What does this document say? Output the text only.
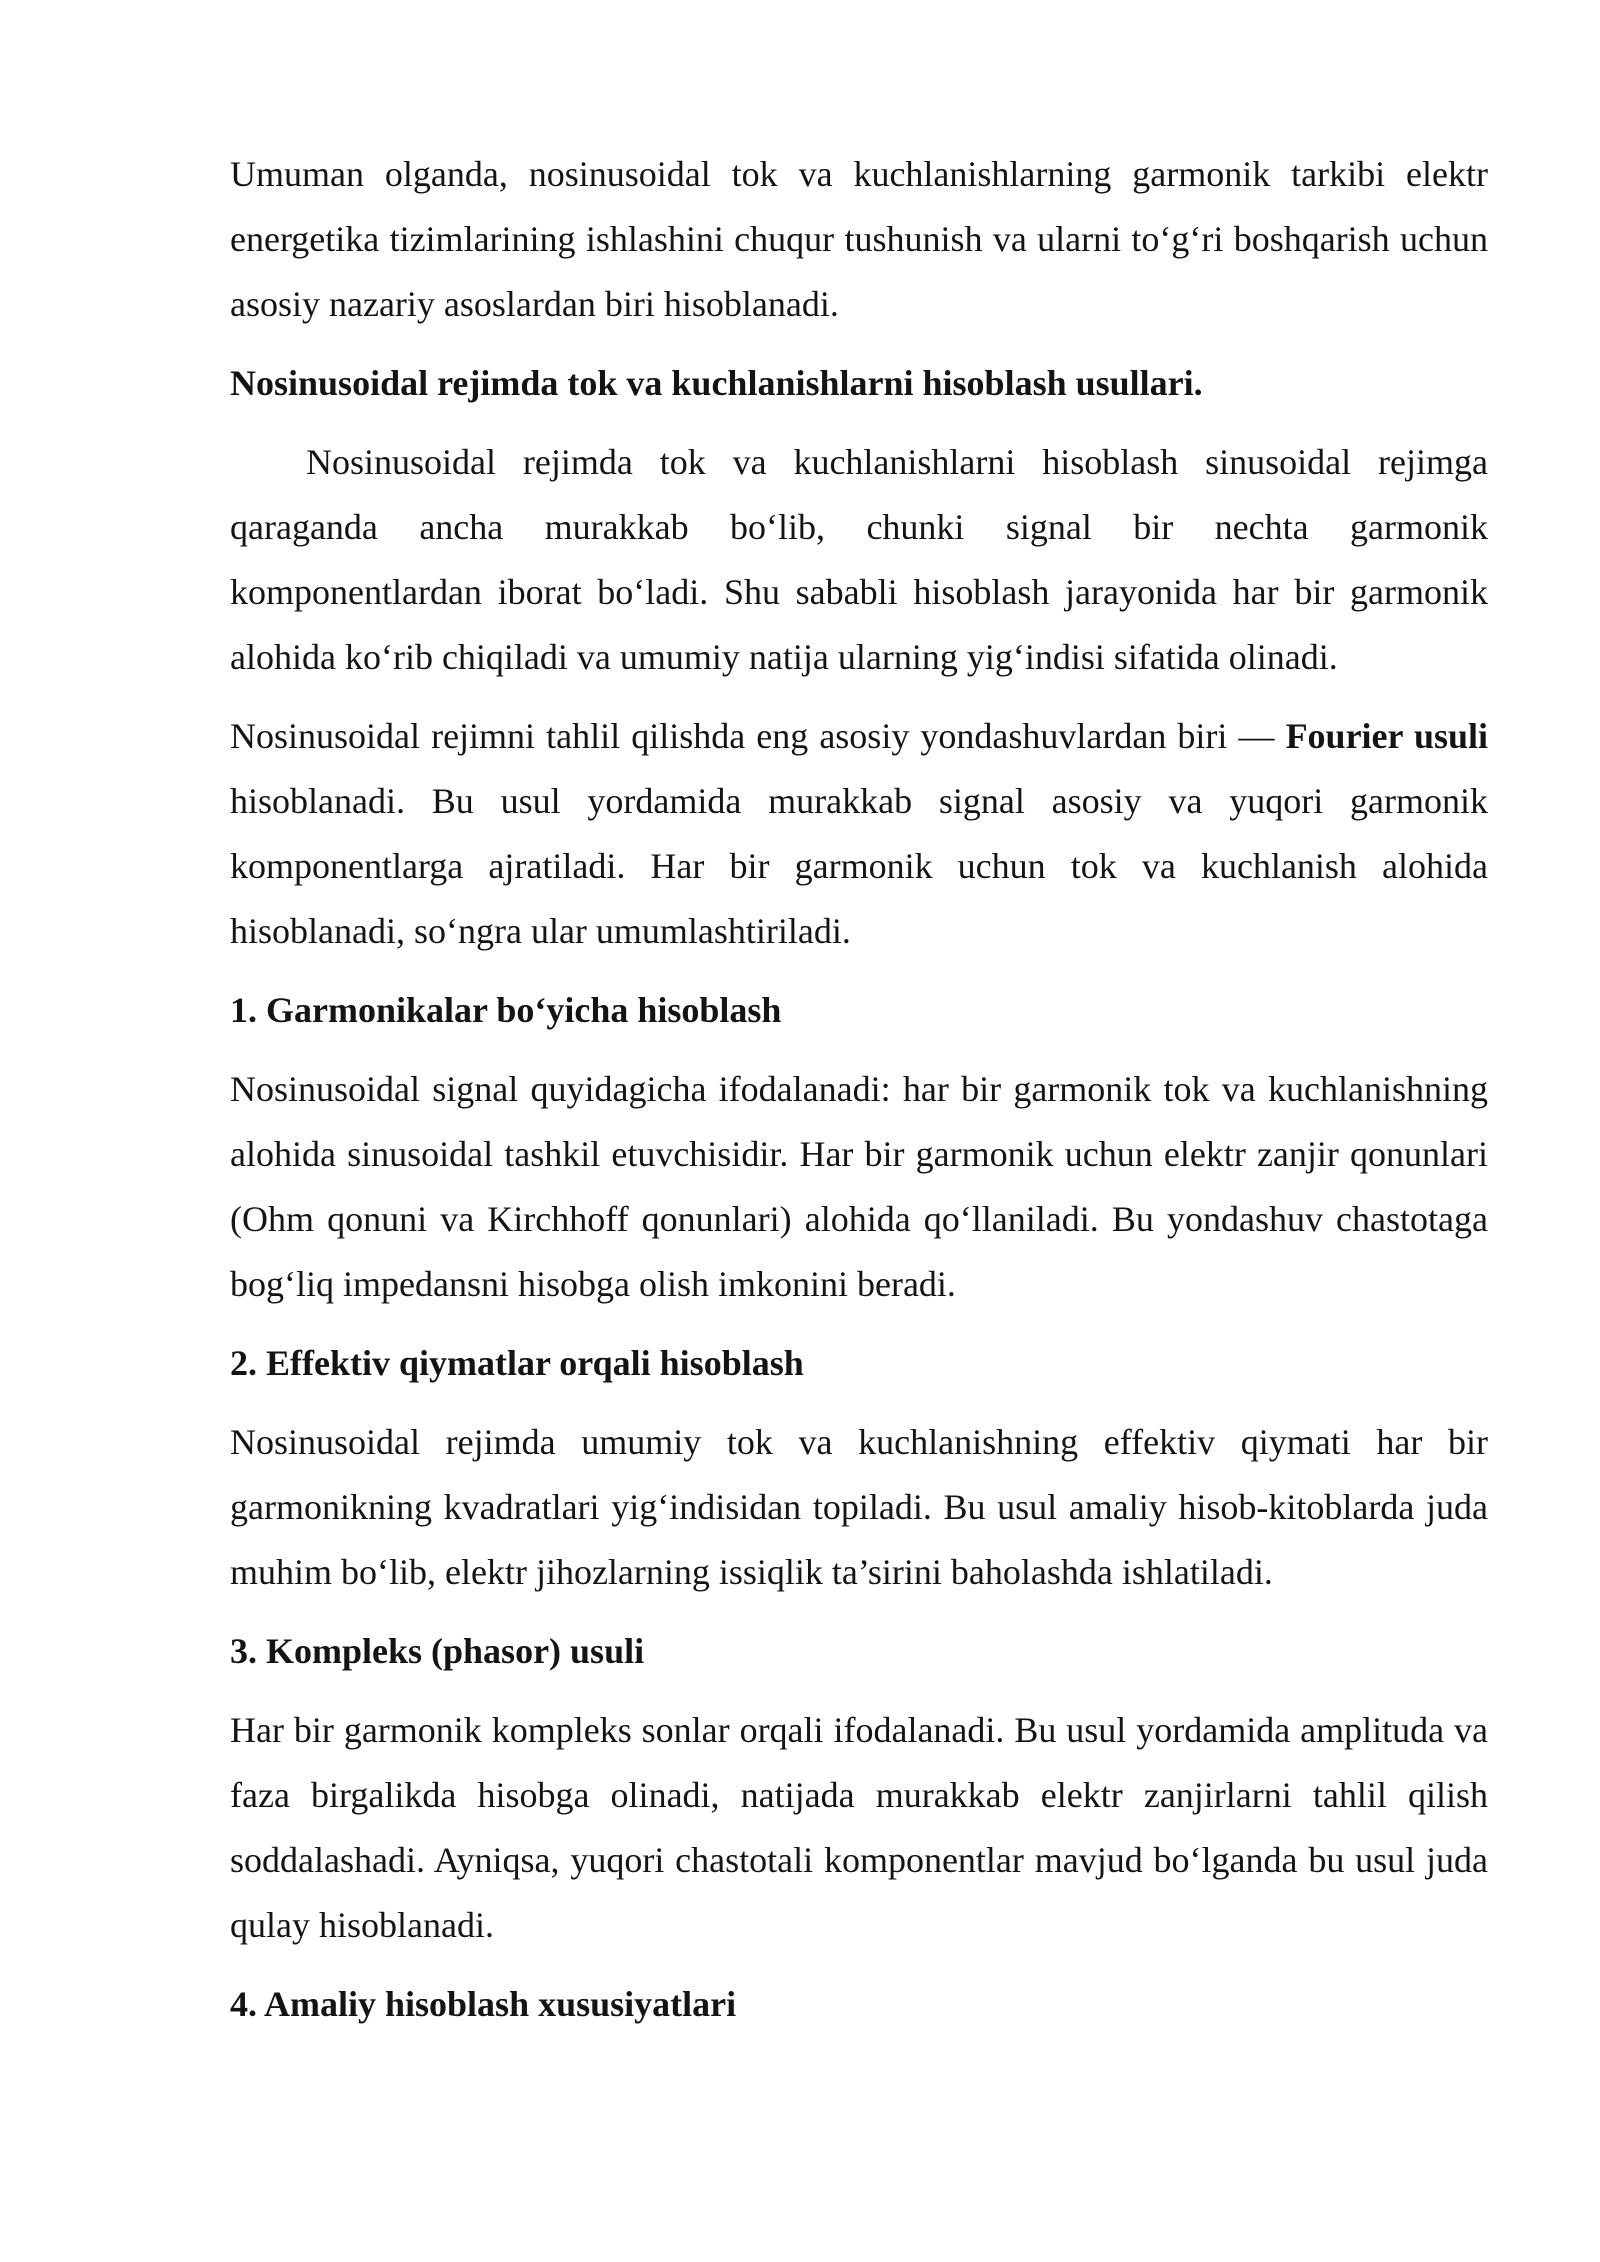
Umuman olganda, nosinusoidal tok va kuchlanishlarning garmonik tarkibi elektr energetika tizimlarining ishlashini chuqur tushunish va ularni to‘g‘ri boshqarish uchun asosiy nazariy asoslardan biri hisoblanadi.

Nosinusoidal rejimda tok va kuchlanishlarni hisoblash usullari.

Nosinusoidal rejimda tok va kuchlanishlarni hisoblash sinusoidal rejimga qaraganda ancha murakkab bo‘lib, chunki signal bir nechta garmonik komponentlardan iborat bo‘ladi. Shu sababli hisoblash jarayonida har bir garmonik alohida ko‘rib chiqiladi va umumiy natija ularning yig‘indisi sifatida olinadi.

Nosinusoidal rejimni tahlil qilishda eng asosiy yondashuvlardan biri — Fourier usuli hisoblanadi. Bu usul yordamida murakkab signal asosiy va yuqori garmonik komponentlarga ajratiladi. Har bir garmonik uchun tok va kuchlanish alohida hisoblanadi, so‘ngra ular umumlashtiriladi.

1. Garmonikalar bo‘yicha hisoblash

Nosinusoidal signal quyidagicha ifodalanadi: har bir garmonik tok va kuchlanishning alohida sinusoidal tashkil etuvchisidir. Har bir garmonik uchun elektr zanjir qonunlari (Ohm qonuni va Kirchhoff qonunlari) alohida qo‘llaniladi. Bu yondashuv chastotaga bog‘liq impedansni hisobga olish imkonini beradi.

2. Effektiv qiymatlar orqali hisoblash

Nosinusoidal rejimda umumiy tok va kuchlanishning effektiv qiymati har bir garmonikning kvadratlari yig‘indisidan topiladi. Bu usul amaliy hisob-kitoblarda juda muhim bo‘lib, elektr jihozlarning issiqlik ta’sirini baholashda ishlatiladi.

3. Kompleks (phasor) usuli

Har bir garmonik kompleks sonlar orqali ifodalanadi. Bu usul yordamida amplituda va faza birgalikda hisobga olinadi, natijada murakkab elektr zanjirlarni tahlil qilish soddalashadi. Ayniqsa, yuqori chastotali komponentlar mavjud bo‘lganda bu usul juda qulay hisoblanadi.

4. Amaliy hisoblash xususiyatlari
